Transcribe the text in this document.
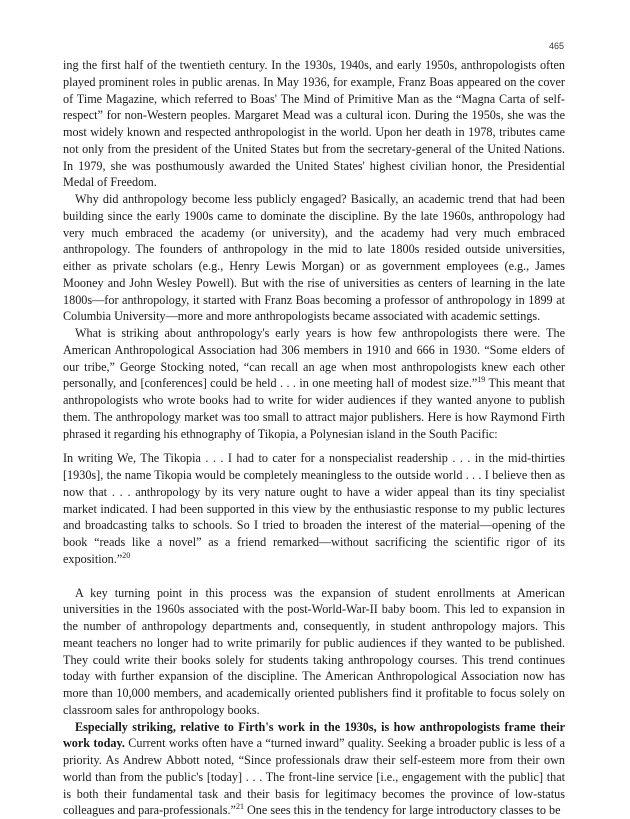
465

ing the first half of the twentieth century. In the 1930s, 1940s, and early 1950s, anthropologists often played prominent roles in public arenas. In May 1936, for example, Franz Boas appeared on the cover of Time Magazine, which referred to Boas' The Mind of Primitive Man as the “Magna Carta of self-respect” for non-Western peoples. Margaret Mead was a cultural icon. During the 1950s, she was the most widely known and respected anthropologist in the world. Upon her death in 1978, tributes came not only from the president of the United States but from the secretary-general of the United Nations. In 1979, she was posthumously awarded the United States' highest civilian honor, the Presidential Medal of Freedom.

Why did anthropology become less publicly engaged? Basically, an academic trend that had been building since the early 1900s came to dominate the discipline. By the late 1960s, anthropology had very much embraced the academy (or university), and the academy had very much embraced anthropology. The founders of anthropology in the mid to late 1800s resided outside universities, either as private scholars (e.g., Henry Lewis Morgan) or as government employees (e.g., James Mooney and John Wesley Powell). But with the rise of universities as centers of learning in the late 1800s—for anthropology, it started with Franz Boas becoming a professor of anthropology in 1899 at Columbia University—more and more anthropologists became associated with academic settings.

What is striking about anthropology's early years is how few anthropologists there were. The American Anthropological Association had 306 members in 1910 and 666 in 1930. “Some elders of our tribe,” George Stocking noted, “can recall an age when most anthropologists knew each other personally, and [conferences] could be held . . . in one meeting hall of modest size.”$^{19}$ This meant that anthropologists who wrote books had to write for wider audiences if they wanted anyone to publish them. The anthropology market was too small to attract major publishers. Here is how Raymond Firth phrased it regarding his ethnography of Tikopia, a Polynesian island in the South Pacific:

In writing We, The Tikopia . . . I had to cater for a nonspecialist readership . . . in the mid-thirties [1930s], the name Tikopia would be completely meaningless to the outside world . . . I believe then as now that . . . anthropology by its very nature ought to have a wider appeal than its tiny specialist market indicated. I had been supported in this view by the enthusiastic response to my public lectures and broadcasting talks to schools. So I tried to broaden the interest of the material—opening of the book “reads like a novel” as a friend remarked—without sacrificing the scientific rigor of its exposition.”$^{20}$

A key turning point in this process was the expansion of student enrollments at American universities in the 1960s associated with the post-World-War-II baby boom. This led to expansion in the number of anthropology departments and, consequently, in student anthropology majors. This meant teachers no longer had to write primarily for public audiences if they wanted to be published. They could write their books solely for students taking anthropology courses. This trend continues today with further expansion of the discipline. The American Anthropological Association now has more than 10,000 members, and academically oriented publishers find it profitable to focus solely on classroom sales for anthropology books.

Especially striking, relative to Firth's work in the 1930s, is how anthropologists frame their work today. Current works often have a “turned inward” quality. Seeking a broader public is less of a priority. As Andrew Abbott noted, “Since professionals draw their self-esteem more from their own world than from the public's [today] . . . The front-line service [i.e., engagement with the public] that is both their fundamental task and their basis for legitimacy becomes the province of low-status colleagues and para-professionals.”$^{21}$ One sees this in the tendency for large introductory classes to be
